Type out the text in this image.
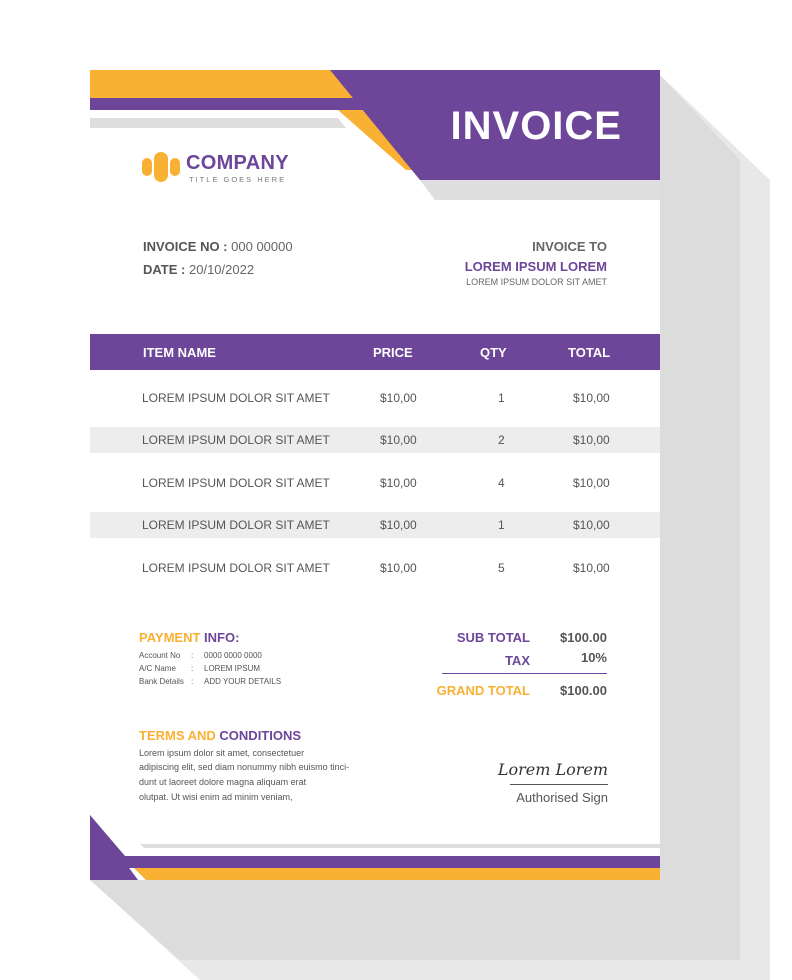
INVOICE
COMPANY
TITLE GOES HERE
INVOICE NO : 000 00000
DATE : 20/10/2022
INVOICE TO
LOREM IPSUM LOREM
LOREM IPSUM DOLOR SIT AMET
ITEM NAME	PRICE	QTY	TOTAL
LOREM IPSUM DOLOR SIT AMET	$10,00	1	$10,00
LOREM IPSUM DOLOR SIT AMET	$10,00	2	$10,00
LOREM IPSUM DOLOR SIT AMET	$10,00	4	$10,00
LOREM IPSUM DOLOR SIT AMET	$10,00	1	$10,00
LOREM IPSUM DOLOR SIT AMET	$10,00	5	$10,00
PAYMENT INFO:
Account No : 0000 0000 0000
A/C Name : LOREM IPSUM
Bank Details : ADD YOUR DETAILS
SUB TOTAL $100.00
TAX	10%
GRAND TOTAL $100.00
TERMS AND CONDITIONS
Lorem ipsum dolor sit amet, consectetuer
adipiscing elit, sed diam nonummy nibh euismo tinci-
dunt ut laoreet dolore magna aliquam erat
olutpat. Ut wisi enim ad minim veniam,
Lorem Lorem
Authorised Sign
